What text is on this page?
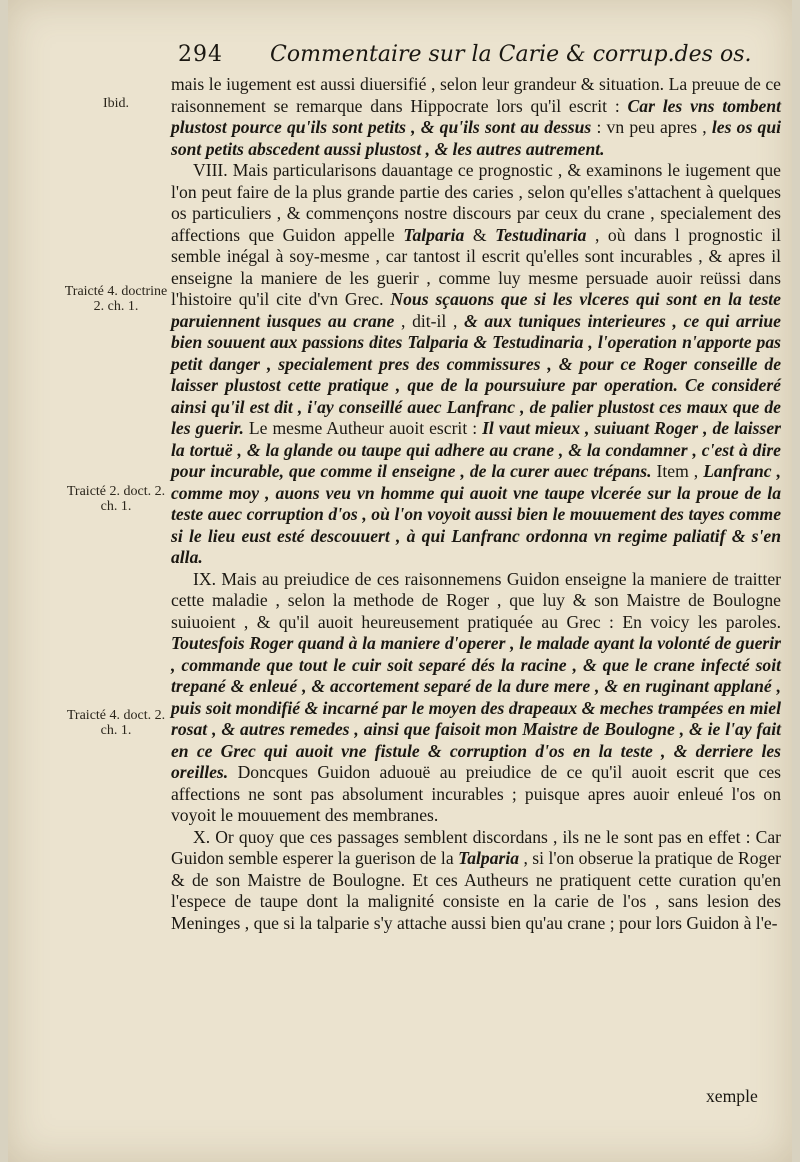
294 Commentaire sur la Carie & corrup.des os.
Ibid.
Traicté 4. doctrine 2. ch. 1.
Traicté 2. doct. 2. ch. 1.
Traicté 4. doct. 2. ch. 1.

mais le iugement est aussi diuersifié , selon leur grandeur & situation. La preuue de ce raisonnement se remarque dans Hippocrate lors qu'il escrit : Car les vns tombent plustost pource qu'ils sont petits , & qu'ils sont au dessus : vn peu apres , les os qui sont petits abscedent aussi plustost , & les autres autrement.

VIII. Mais particularisons dauantage ce prognostic , & examinons le iugement que l'on peut faire de la plus grande partie des caries , selon qu'elles s'attachent à quelques os particuliers , & commençons nostre discours par ceux du crane , specialement des affections que Guidon appelle Talparia & Testudinaria , où dans l prognostic il semble inégal à soy-mesme , car tantost il escrit qu'elles sont incurables , & apres il enseigne la maniere de les guerir , comme luy mesme persuade auoir reüssi dans l'histoire qu'il cite d'vn Grec. Nous sçauons que si les vlceres qui sont en la teste paruiennent iusques au crane , dit-il , & aux tuniques interieures , ce qui arriue bien souuent aux passions dites Talparia & Testudinaria , l'operation n'apporte pas petit danger , specialement pres des commissures , & pour ce Roger conseille de laisser plustost cette pratique , que de la poursuiure par operation. Ce consideré ainsi qu'il est dit , i'ay conseillé auec Lanfranc , de palier plustost ces maux que de les guerir. Le mesme Autheur auoit escrit : Il vaut mieux , suiuant Roger , de laisser la tortuë , & la glande ou taupe qui adhere au crane , & la condamner , c'est à dire pour incurable, que comme il enseigne , de la curer auec trépans. Item , Lanfranc , comme moy , auons veu vn homme qui auoit vne taupe vlcerée sur la proue de la teste auec corruption d'os , où l'on voyoit aussi bien le mouuement des tayes comme si le lieu eust esté descouuert , à qui Lanfranc ordonna vn regime paliatif & s'en alla.

IX. Mais au preiudice de ces raisonnemens Guidon enseigne la maniere de traitter cette maladie , selon la methode de Roger , que luy & son Maistre de Boulogne suiuoient , & qu'il auoit heureusement pratiquée au Grec : En voicy les paroles. Toutesfois Roger quand à la maniere d'operer , le malade ayant la volonté de guerir , commande que tout le cuir soit separé dés la racine , & que le crane infecté soit trepané & enleué , & accortement separé de la dure mere , & en ruginant applané , puis soit mondifié & incarné par le moyen des drapeaux & meches trampées en miel rosat , & autres remedes , ainsi que faisoit mon Maistre de Boulogne , & ie l'ay fait en ce Grec qui auoit vne fistule & corruption d'os en la teste , & derriere les oreilles. Doncques Guidon aduouë au preiudice de ce qu'il auoit escrit que ces affections ne sont pas absolument incurables ; puisque apres auoir enleué l'os on voyoit le mouuement des membranes.

X. Or quoy que ces passages semblent discordans , ils ne le sont pas en effet : Car Guidon semble esperer la guerison de la Talparia , si l'on obserue la pratique de Roger & de son Maistre de Boulogne. Et ces Autheurs ne pratiquent cette curation qu'en l'espece de taupe dont la malignité consiste en la carie de l'os , sans lesion des Meninges , que si la talparie s'y attache aussi bien qu'au crane ; pour lors Guidon à l'e-

xemple
